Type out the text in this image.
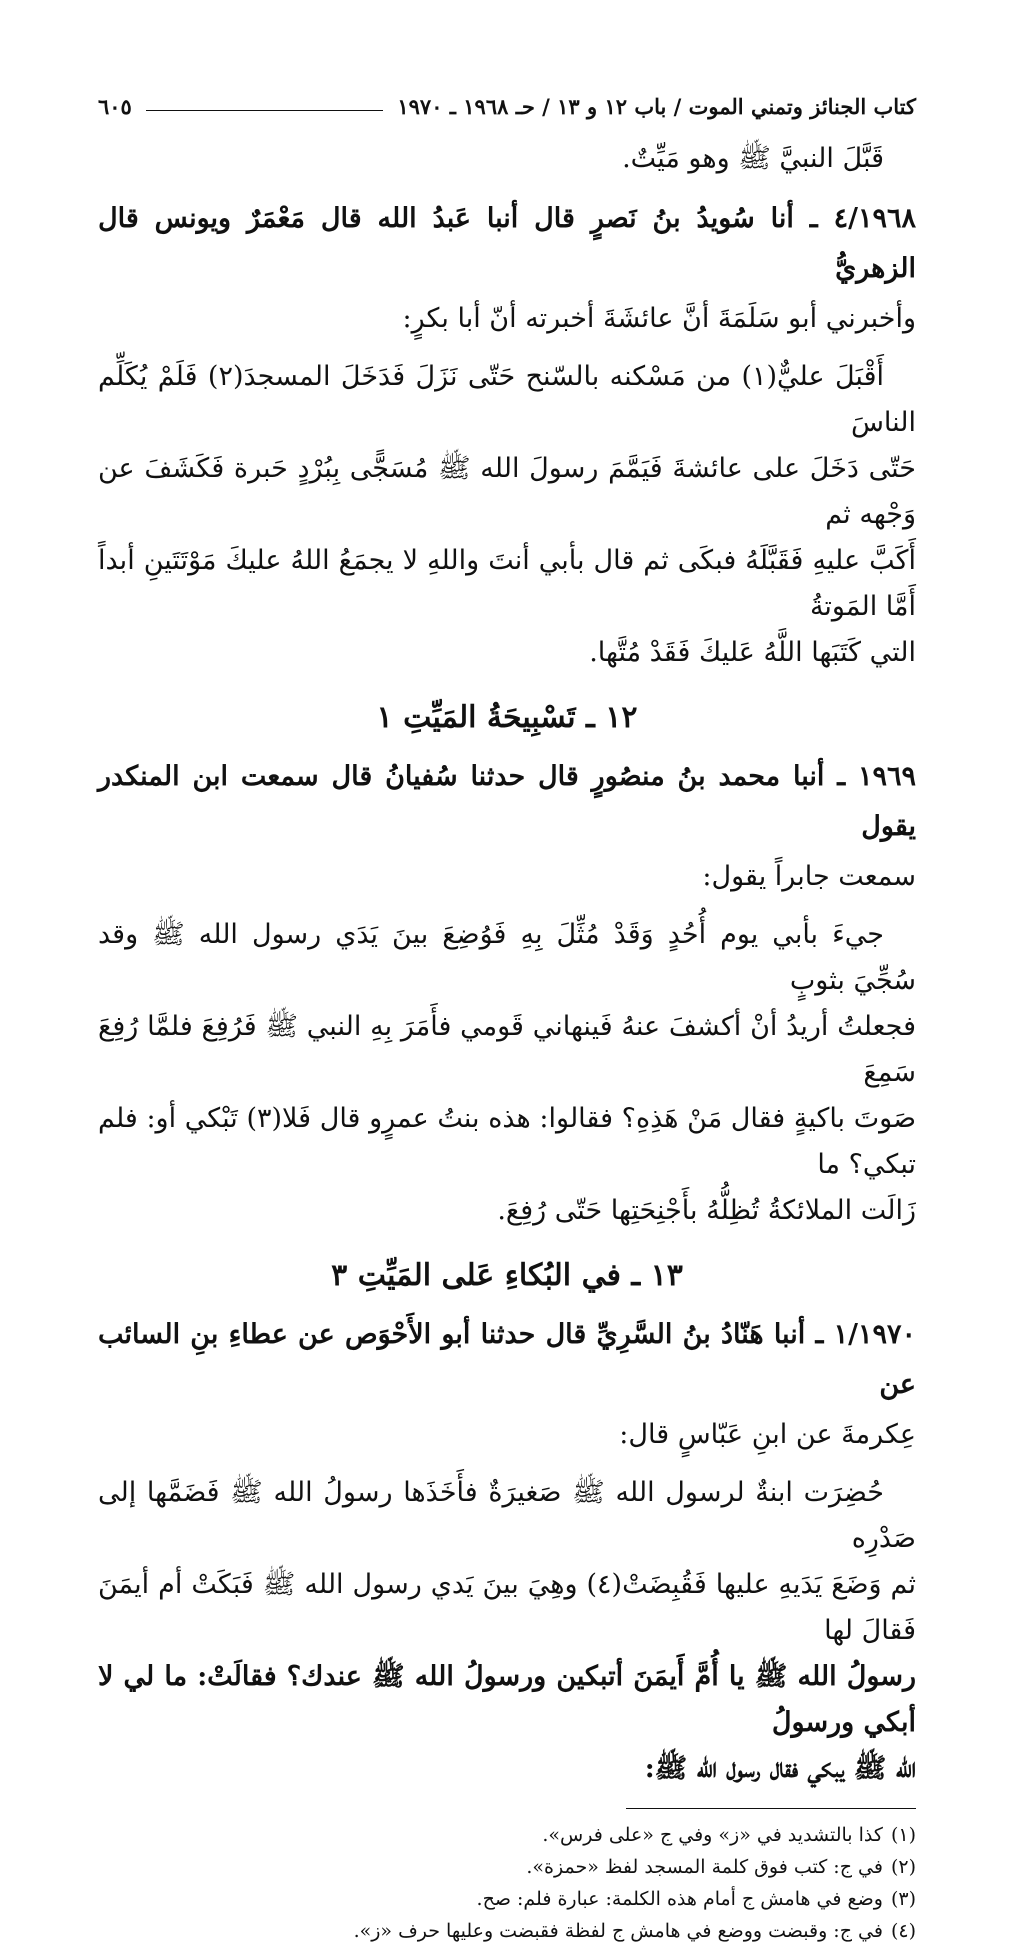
كتاب الجنائز وتمني الموت / باب ١٢ و ١٣ / حـ ١٩٦٨ ـ ١٩٧٠
٦٠٥
قَبَّلَ النبيَّ ﷺ وهو مَيِّتٌ.
٤/١٩٦٨ ـ أنا سُويدُ بنُ نَصرٍ قال أنبا عَبدُ الله قال مَعْمَرٌ ويونس قال الزهريُّ
وأخبرني أبو سَلَمَةَ أنَّ عائشَةَ أخبرته أنّ أبا بكرٍ:
أَقْبَلَ عليٌّ(١) من مَسْكنه بالسّنح حَتّى نَزَلَ فَدَخَلَ المسجدَ(٢) فَلَمْ يُكَلِّم الناسَ
حَتّى دَخَلَ على عائشةَ فَيَمَّمَ رسولَ الله ﷺ مُسَجًّى بِبُرْدٍ حَبرة فَكَشَفَ عن وَجْهه ثم
أَكَبَّ عليهِ فَقَبَّلَهُ فبكَى ثم قال بأبي أنتَ واللهِ لا يجمَعُ اللهُ عليكَ مَوْتَتَينِ أبداً أَمَّا المَوتةُ
التي كَتَبَها اللَّهُ عَليكَ فَقَدْ مُتَّها.
١٢ ـ تَسْبِيحَةُ المَيِّتِ ١
١٩٦٩ ـ أنبا محمد بنُ منصُورٍ قال حدثنا سُفيانُ قال سمعت ابن المنكدر يقول
سمعت جابراً يقول:
جيءَ بأبي يوم أُحُدٍ وَقَدْ مُثِّلَ بِهِ فَوُضِعَ بينَ يَدَي رسول الله ﷺ وقد سُجِّيَ بثوبٍ
فجعلتُ أريدُ أنْ أكشفَ عنهُ فَينهاني قَومي فأَمَرَ بِهِ النبي ﷺ فَرُفِعَ فلمَّا رُفِعَ سَمِعَ
صَوتَ باكيةٍ فقال مَنْ هَذِهِ؟ فقالوا: هذه بنتُ عمرٍو قال فَلا(٣) تَبْكي أو: فلم تبكي؟ ما
زَالَت الملائكةُ تُظِلُّهُ بأَجْنِحَتِها حَتّى رُفِعَ.
١٣ ـ في البُكاءِ عَلى المَيِّتِ ٣
١/١٩٧٠ ـ أنبا هَنّادُ بنُ السَّرِيِّ قال حدثنا أبو الأَحْوَص عن عطاءِ بنِ السائب عن
عِكرمةَ عن ابنِ عَبّاسٍ قال:
حُضِرَت ابنةٌ لرسول الله ﷺ صَغيرَةٌ فأَخَذَها رسولُ الله ﷺ فَضَمَّها إلى صَدْرِه
ثم وَضَعَ يَدَيهِ عليها فَقُبِضَتْ(٤) وهِيَ بينَ يَدي رسول الله ﷺ فَبَكَتْ أم أيمَنَ فَقالَ لها
رسولُ الله ﷺ يا أُمَّ أَيمَنَ أتبكين ورسولُ الله ﷺ عندك؟ فقالَتْ: ما لي لا أبكي ورسولُ
الله ﷺ يبكي فقال رسول الله ﷺ:
(١)كذا بالتشديد في «ز» وفي ج «على فرس».
(٢)في ج: كتب فوق كلمة المسجد لفظ «حمزة».
(٣)وضع في هامش ج أمام هذه الكلمة: عبارة فلم: صح.
(٤)في ج: وقبضت ووضع في هامش ج لفظة فقبضت وعليها حرف «ز».
